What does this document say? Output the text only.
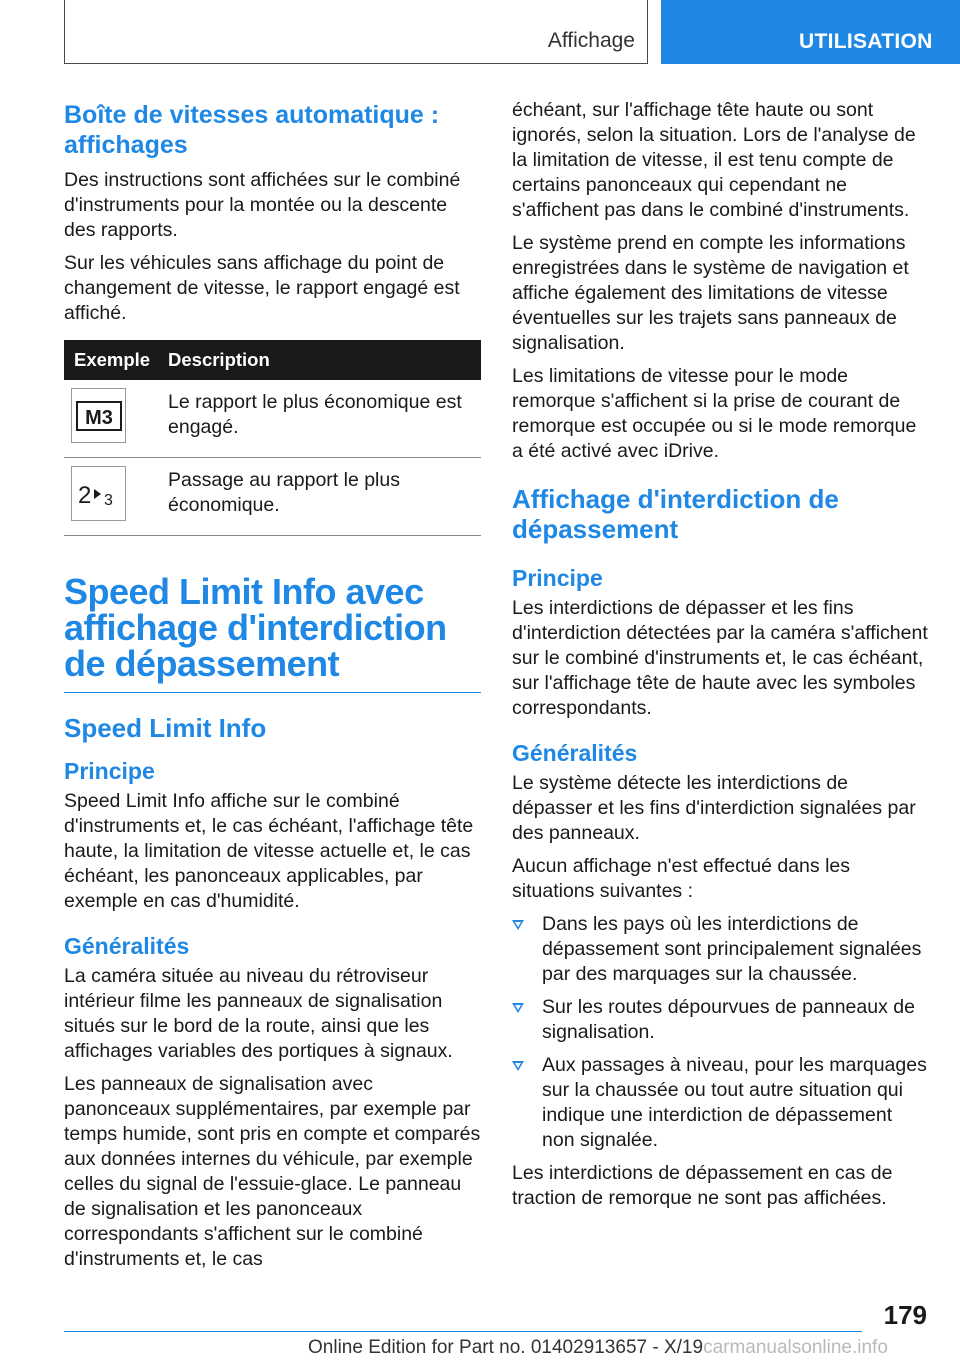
Affichage	UTILISATION
Boîte de vitesses automatique : affichages

Des instructions sont affichées sur le combiné d'instruments pour la montée ou la descente des rapports.

Sur les véhicules sans affichage du point de changement de vitesse, le rapport engagé est affiché.

Exemple	Description

M3	Le rapport le plus économique est engagé.

2 3	Passage au rapport le plus économique.
Speed Limit Info avec affichage d'interdiction de dépassement
Speed Limit Info
Principe

Speed Limit Info affiche sur le combiné d'instruments et, le cas échéant, l'affichage tête haute, la limitation de vitesse actuelle et, le cas échéant, les panonceaux applicables, par exemple en cas d'humidité.

Généralités

La caméra située au niveau du rétroviseur intérieur filme les panneaux de signalisation situés sur le bord de la route, ainsi que les affichages variables des portiques à signaux.

Les panneaux de signalisation avec panonceaux supplémentaires, par exemple par temps humide, sont pris en compte et comparés aux données internes du véhicule, par exemple celles du signal de l'essuie-glace. Le panneau de signalisation et les panonceaux correspondants s'affichent sur le combiné d'instruments et, le cas

échéant, sur l'affichage tête haute ou sont ignorés, selon la situation. Lors de l'analyse de la limitation de vitesse, il est tenu compte de certains panonceaux qui cependant ne s'affichent pas dans le combiné d'instruments.

Le système prend en compte les informations enregistrées dans le système de navigation et affiche également des limitations de vitesse éventuelles sur les trajets sans panneaux de signalisation.

Les limitations de vitesse pour le mode remorque s'affichent si la prise de courant de remorque est occupée ou si le mode remorque a été activé avec iDrive.

Affichage d'interdiction de dépassement
Principe

Les interdictions de dépasser et les fins d'interdiction détectées par la caméra s'affichent sur le combiné d'instruments et, le cas échéant, sur l'affichage tête de haute avec les symboles correspondants.

Généralités

Le système détecte les interdictions de dépasser et les fins d'interdiction signalées par des panneaux.

Aucun affichage n'est effectué dans les situations suivantes :

Dans les pays où les interdictions de dépassement sont principalement signalées par des marquages sur la chaussée.
Sur les routes dépourvues de panneaux de signalisation.
Aux passages à niveau, pour les marquages sur la chaussée ou tout autre situation qui indique une interdiction de dépassement non signalée.

Les interdictions de dépassement en cas de traction de remorque ne sont pas affichées.

179
Online Edition for Part no. 01402913657 - X/19carmanualsonline.info
